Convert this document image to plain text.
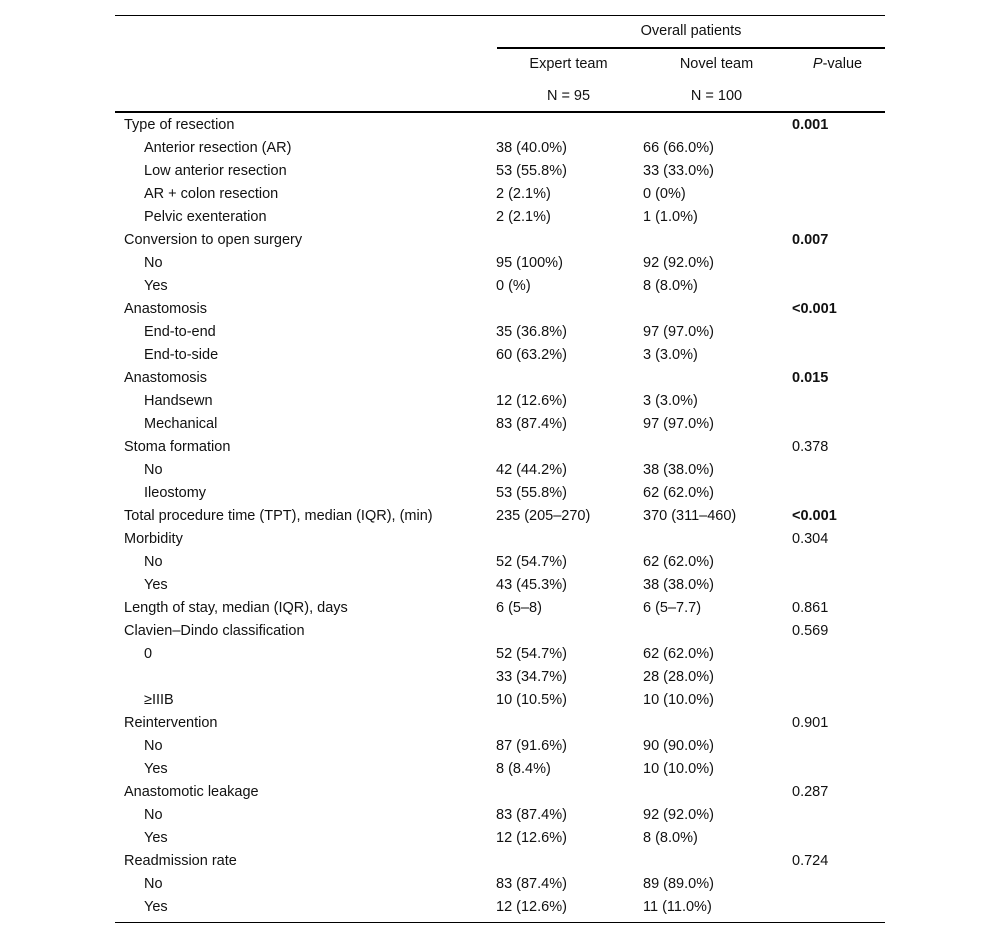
Overall patients
Expert team	Novel team	P-value
N = 95	N = 100
Type of resection			0.001
Anterior resection (AR)	38 (40.0%)	66 (66.0%)	
Low anterior resection	53 (55.8%)	33 (33.0%)	
AR + colon resection	2 (2.1%)	0 (0%)	
Pelvic exenteration	2 (2.1%)	1 (1.0%)	
Conversion to open surgery			0.007
No	95 (100%)	92 (92.0%)	
Yes	0 (%)	8 (8.0%)	
Anastomosis			<0.001
End-to-end	35 (36.8%)	97 (97.0%)	
End-to-side	60 (63.2%)	3 (3.0%)	
Anastomosis			0.015
Handsewn	12 (12.6%)	3 (3.0%)	
Mechanical	83 (87.4%)	97 (97.0%)	
Stoma formation			0.378
No	42 (44.2%)	38 (38.0%)	
Ileostomy	53 (55.8%)	62 (62.0%)	
Total procedure time (TPT), median (IQR), (min)	235 (205–270)	370 (311–460)	<0.001
Morbidity			0.304
No	52 (54.7%)	62 (62.0%)	
Yes	43 (45.3%)	38 (38.0%)	
Length of stay, median (IQR), days	6 (5–8)	6 (5–7.7)	0.861
Clavien–Dindo classification			0.569
0	52 (54.7%)	62 (62.0%)	
	33 (34.7%)	28 (28.0%)	
≥IIIB	10 (10.5%)	10 (10.0%)	
Reintervention			0.901
No	87 (91.6%)	90 (90.0%)	
Yes	8 (8.4%)	10 (10.0%)	
Anastomotic leakage			0.287
No	83 (87.4%)	92 (92.0%)	
Yes	12 (12.6%)	8 (8.0%)	
Readmission rate			0.724
No	83 (87.4%)	89 (89.0%)	
Yes	12 (12.6%)	11 (11.0%)	
